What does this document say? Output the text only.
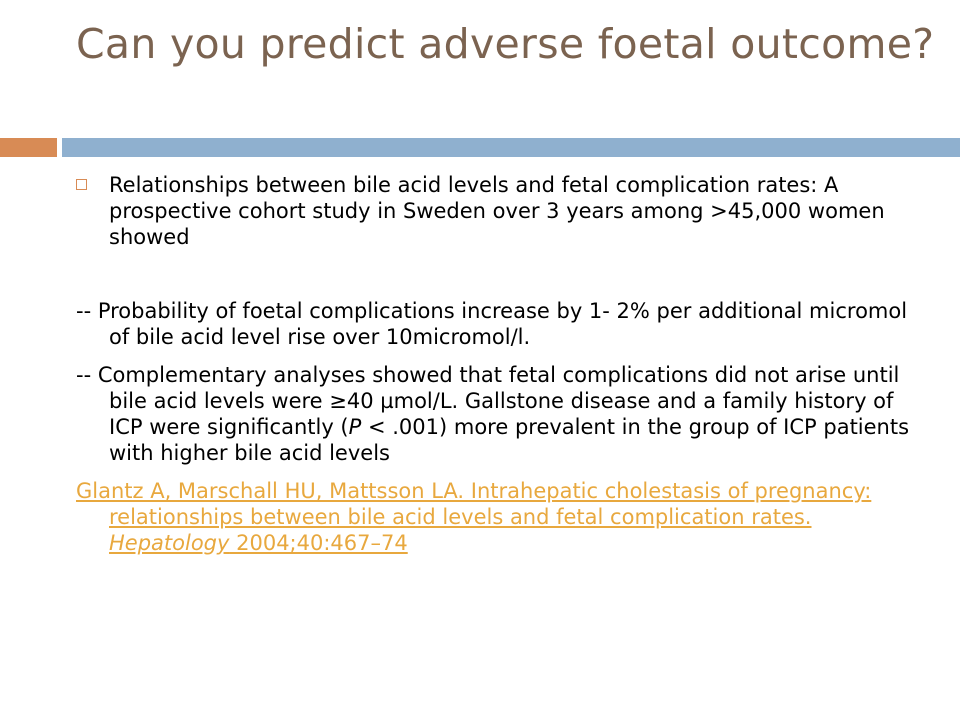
Can you predict adverse foetal outcome?
Relationships between bile acid levels and fetal complication rates: A prospective cohort study in Sweden over 3 years among >45,000 women showed
-- Probability of foetal complications increase by 1- 2% per additional micromol of bile acid level rise over 10micromol/l.
-- Complementary analyses showed that fetal complications did not arise until bile acid levels were ≥40 µmol/L. Gallstone disease and a family history of ICP were significantly (P < .001) more prevalent in the group of ICP patients with higher bile acid levels
Glantz A, Marschall HU, Mattsson LA. Intrahepatic cholestasis of pregnancy: relationships between bile acid levels and fetal complication rates. Hepatology 2004;40:467–74
